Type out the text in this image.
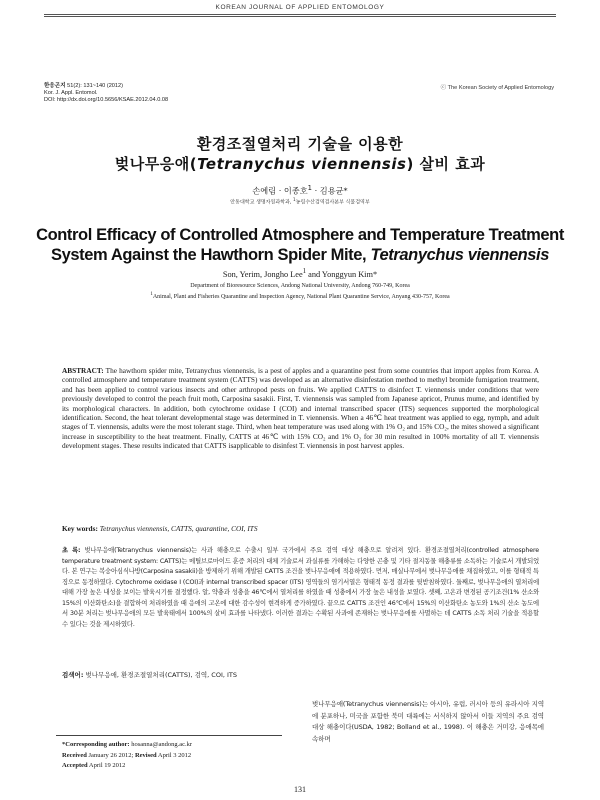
KOREAN JOURNAL OF APPLIED ENTOMOLOGY
한응곤지 51(2): 131~140 (2012)
Kor. J. Appl. Entomol.
DOI: http://dx.doi.org/10.5656/KSAE.2012.04.0.08
ⓒ The Korean Society of Applied Entomology
환경조절열처리 기술을 이용한
벚나무응애(Tetranychus viennensis) 살비 효과
손예림 · 이종호$^1$ · 김용균*
안동대학교 생명자원과학과, $^1$농림수산검역검사본부 식물검역부
Control Efficacy of Controlled Atmosphere and Temperature Treatment
System Against the Hawthorn Spider Mite, Tetranychus viennensis
Son, Yerim, Jongho Lee$^1$ and Yonggyun Kim*
Department of Bioresource Sciences, Andong National University, Andong 760-749, Korea
$^1$Animal, Plant and Fisheries Quarantine and Inspection Agency, National Plant Quarantine Service, Anyang 430-757, Korea
ABSTRACT: The hawthorn spider mite, Tetranychus viennensis, is a pest of apples and a quarantine pest from some countries that import apples from Korea. A controlled atmosphere and temperature treatment system (CATTS) was developed as an alternative disinfestation method to methyl bromide fumigation treatment, and has been applied to control various insects and other arthropod pests on fruits. We applied CATTS to disinfect T. viennensis under conditions that were previously developed to control the peach fruit moth, Carposina sasakii. First, T. viennensis was sampled from Japanese apricot, Prunus mume, and identified by its morphological characters. In addition, both cytochrome oxidase I (COI) and internal transcribed spacer (ITS) sequences supported the morphological identification. Second, the heat tolerant developmental stage was determined in T. viennensis. When a 46℃ heat treatment was applied to egg, nymph, and adult stages of T. viennensis, adults were the most tolerant stage. Third, when heat temperature was used along with 1% O₂ and 15% CO₂, the mites showed a significant increase in susceptibility to the heat treatment. Finally, CATTS at 46℃ with 15% CO₂ and 1% O₂ for 30 min resulted in 100% mortality of all T. viennensis development stages. These results indicated that CATTS isapplicable to disinfest T. viennensis in post harvest apples.
Key words: Tetranychus viennensis, CATTS, quarantine, COI, ITS
초 록: 벚나무응애(Tetranychus viennensis)는 사과 해충으로 수출시 일부 국가에서 주요 검역 대상 해충으로 알려져 있다. 환경조절열처리(controlled atmosphere temperature treatment system: CATTS)는 메틸브로마이드 훈증 처리의 대체 기술로서 과실류를 가해하는 다양한 곤충 및 기타 절지동물 해충류를 소독하는 기술로서 개발되었다. 본 연구는 복숭아심식나방(Carposina sasakii)을 방제하기 위해 개발된 CATTS 조건을 벚나무응애에 적용하였다. 먼저, 매실나무에서 벚나무응애를 채집하였고, 이를 형태적 특징으로 동정하였다. Cytochrome oxidase I (COI)과 internal transcribed spacer (ITS) 영역들의 염기서열은 형태적 동정 결과를 뒷받침하였다. 둘째로, 벚나무응애의 열처리에 대해 가장 높은 내성을 보이는 발육시기를 결정했다. 알, 약충과 성충을 46℃에서 열처리를 하였을 때 성충에서 가장 높은 내성을 보였다. 셋째, 고온과 변경된 공기조건(1% 산소와 15%의 이산화탄소)을 결합하여 처리하였을 때 응애의 고온에 대한 감수성이 현격하게 증가하였다. 끝으로 CATTS 조건인 46℃에서 15%의 이산화탄소 농도와 1%의 산소 농도에서 30분 처리는 벚나무응애의 모든 발육태에서 100%의 살비 효과를 나타냈다. 이러한 결과는 수확된 사과에 존재하는 벚나무응애를 사멸하는 데 CATTS 소독 처리 기술을 적용할 수 있다는 것을 제시하였다.
검색어: 벚나무응애, 환경조절열처리(CATTS), 검역, COI, ITS
벚나무응애(Tetranychus viennensis)는 아시아, 유럽, 러시아 등의 유라시아 지역에 분포하나, 미국을 포함한 북미 대륙에는 서식하지 않아서 이들 지역의 주요 검역 대상 해충이다(USDA, 1982; Bolland et al., 1998). 이 해충은 거미강, 응애목에 속하며
*Corresponding author: hosanna@andong.ac.kr
Received January 26 2012; Revised April 3 2012
Accepted April 19 2012
131
